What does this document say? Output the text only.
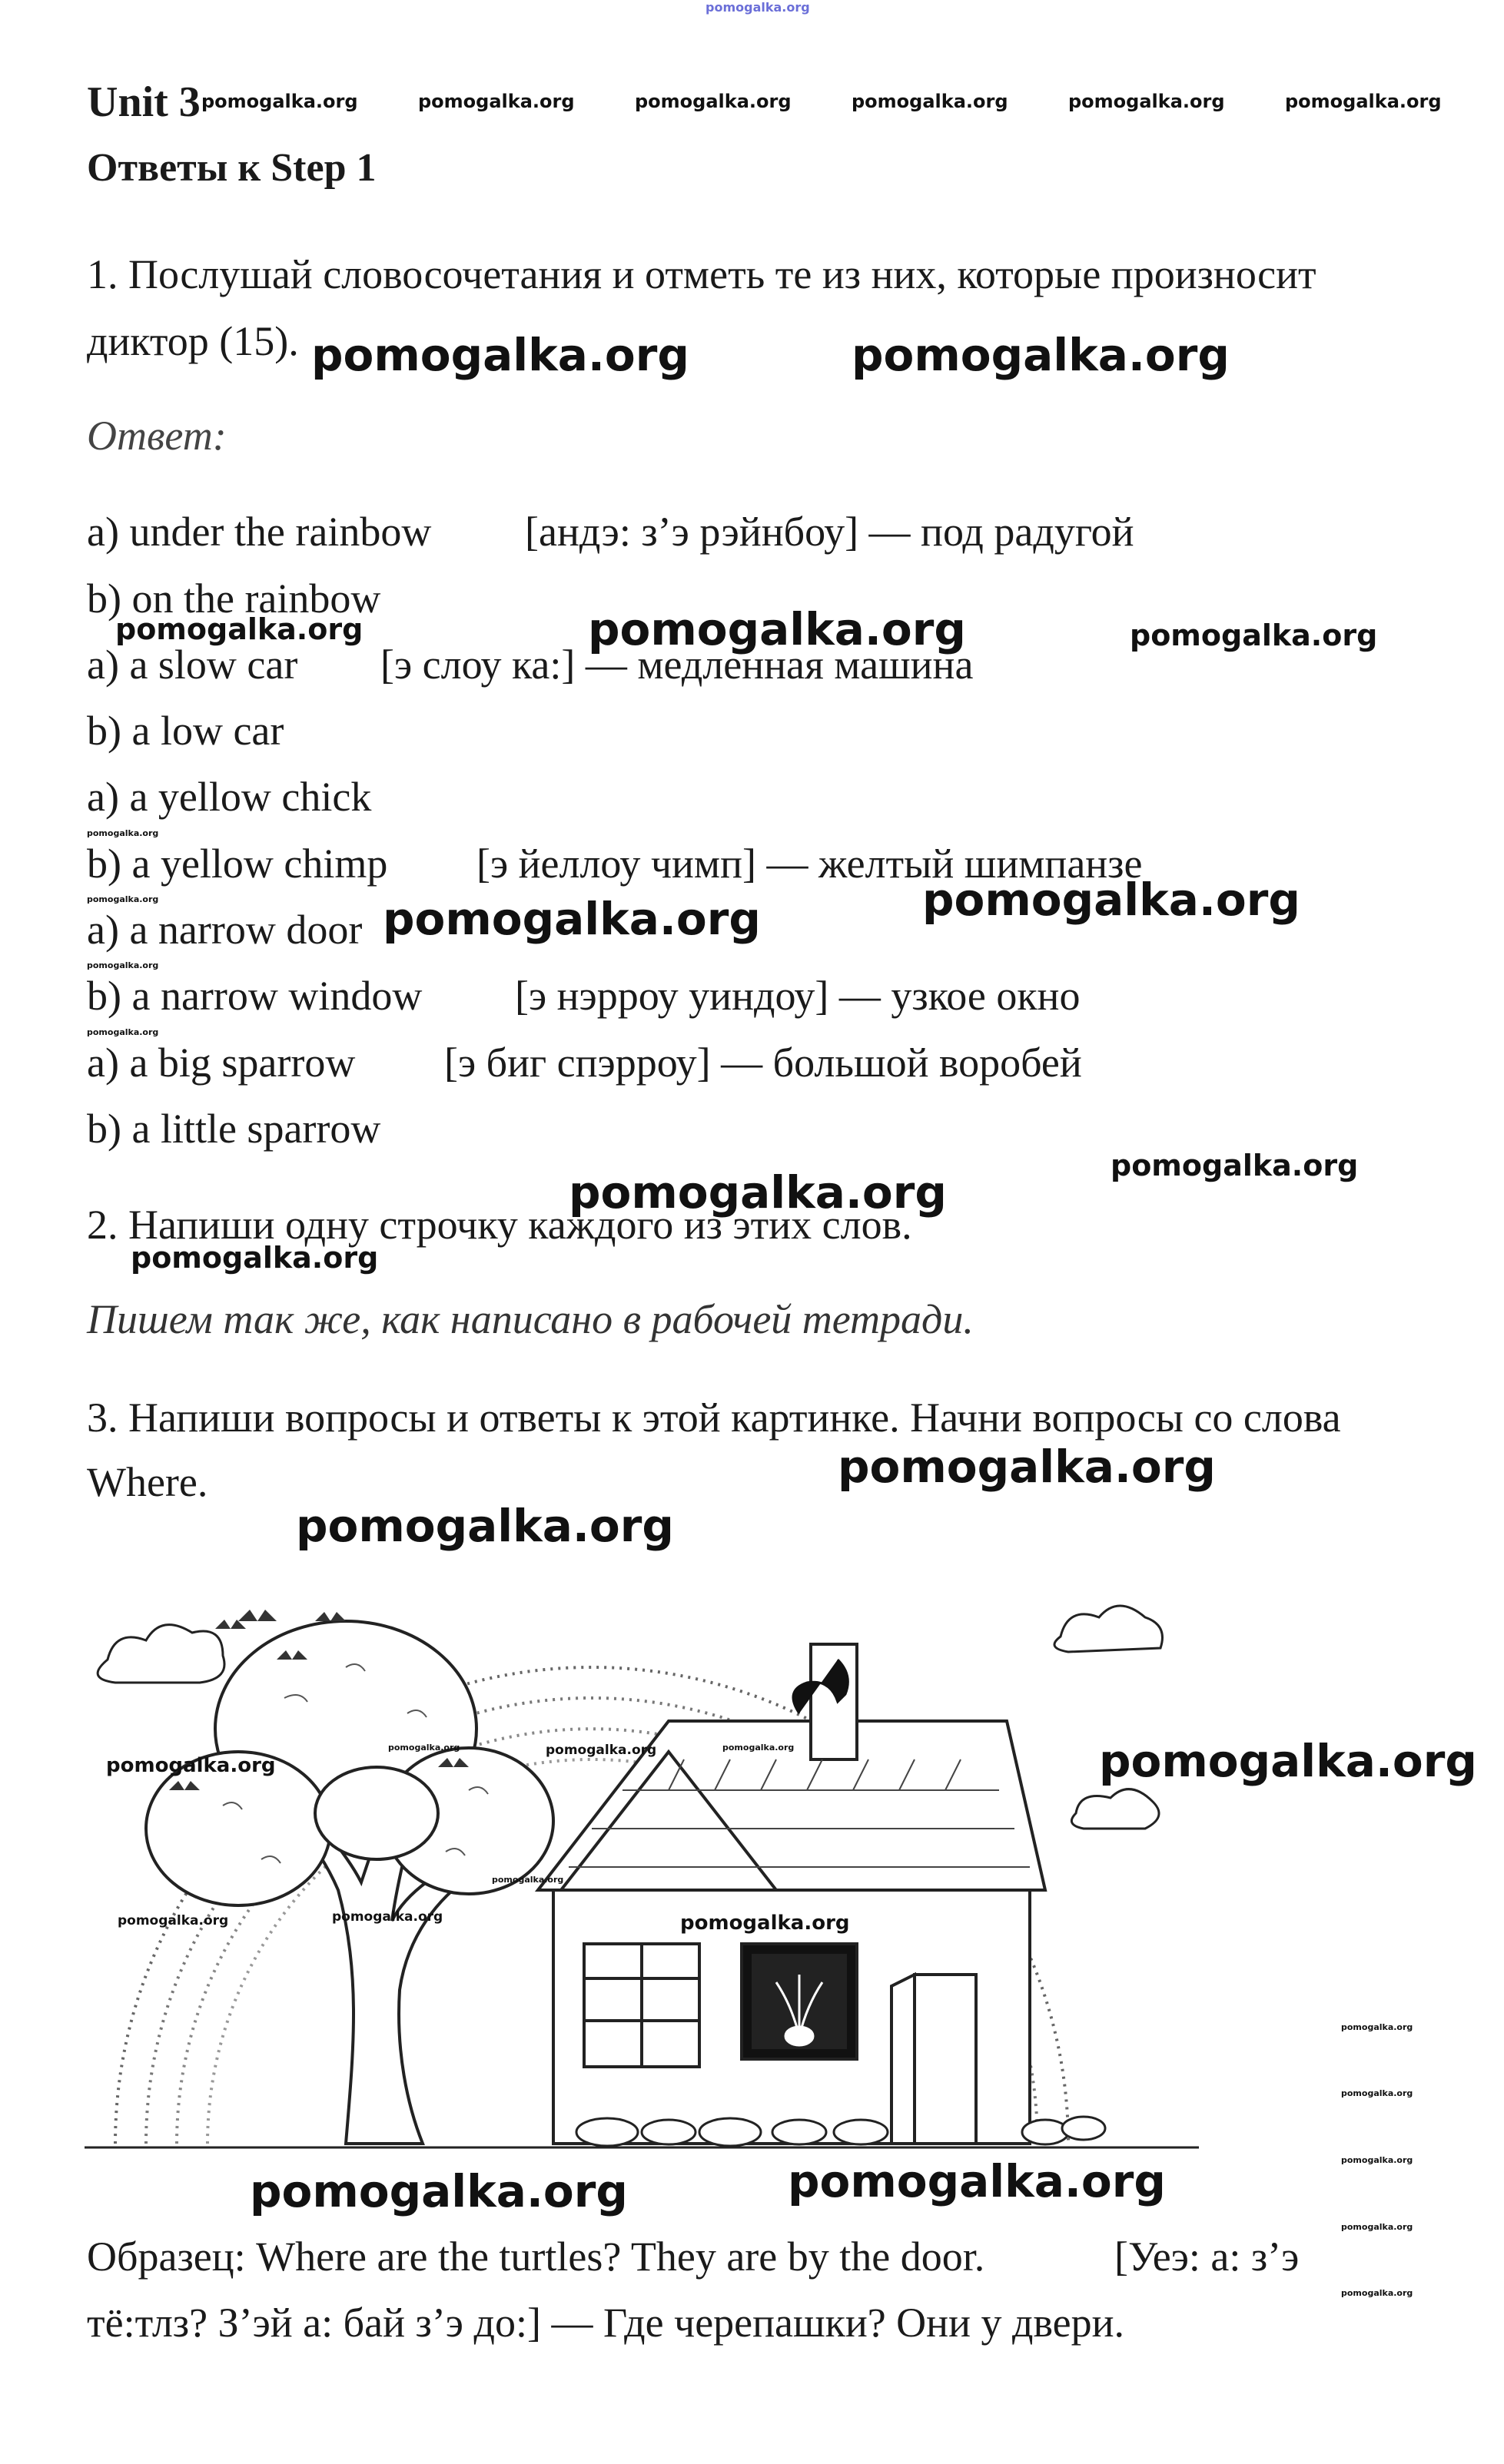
pomogalka.org
Unit 3 pomogalka.org	pomogalka.org	pomogalka.org	pomogalka.org	pomogalka.org	pomogalka.org
Ответы к Step 1
1. Послушай словосочетания и отметь те из них, которые произносит
диктор (15). pomogalka.org	pomogalka.org
Ответ:
a) under the rainbow [андэ: з’э рэйнбоу] — под радугой
b) on the rainbow
pomogalka.org	pomogalka.org	pomogalka.org
a) a slow car [э слоу ка:] — медленная машина
b) a low car
a) a yellow chick
pomogalka.org
b) a yellow chimp [э йеллоу чимп] — желтый шимпанзе
pomogalka.org	pomogalka.org
a) a narrow door pomogalka.org
pomogalka.org
b) a narrow window [э нэрроу уиндоу] — узкое окно
pomogalka.org
a) a big sparrow [э биг спэрроу] — большой воробей
b) a little sparrow
pomogalka.org
pomogalka.org
2. Напиши одну строчку каждого из этих слов.
pomogalka.org
Пишем так же, как написано в рабочей тетради.
3. Напиши вопросы и ответы к этой картинке. Начни вопросы со слова
Where.	pomogalka.org
pomogalka.org
pomogalka.org
pomogalka.org	pomogalka.org	pomogalka.org	pomogalka.org
pomogalka.org
pomogalka.org	pomogalka.org	pomogalka.org
pomogalka.org
pomogalka.org
pomogalka.org
pomogalka.org
pomogalka.org
pomogalka.org	pomogalka.org
Образец: Where are the turtles? They are by the door.	[Уеэ: а: з’э
тё:тлз? З’эй а: бай з’э до:] — Где черепашки? Они у двери.
